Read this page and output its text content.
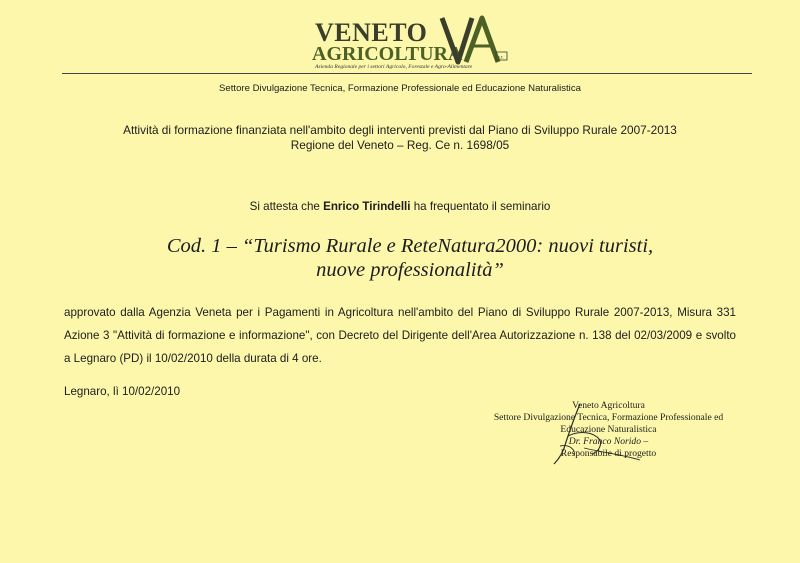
VENETO
AGRICOLTURA	a.r.
Azienda Regionale per i settori Agricolo, Forestale e Agro-Alimentare
Settore Divulgazione Tecnica, Formazione Professionale ed Educazione Naturalistica
Attività di formazione finanziata nell'ambito degli interventi previsti dal Piano di Sviluppo Rurale 2007-2013
Regione del Veneto – Reg. Ce n. 1698/05
Si attesta che Enrico Tirindelli ha frequentato il seminario
Cod. 1 – “Turismo Rurale e ReteNatura2000: nuovi turisti, nuove professionalità”
approvato dalla Agenzia Veneta per i Pagamenti in Agricoltura nell'ambito del Piano di Sviluppo Rurale 2007-2013, Misura 331 Azione 3 "Attività di formazione e informazione", con Decreto del Dirigente dell'Area Autorizzazione n. 138 del 02/03/2009 e svolto a Legnaro (PD) il 10/02/2010 della durata di 4 ore.
Legnaro, lì 10/02/2010
Veneto Agricoltura
Settore Divulgazione Tecnica, Formazione Professionale ed
Educazione Naturalistica
Dr. Franco Norido –
Responsabile di progetto
